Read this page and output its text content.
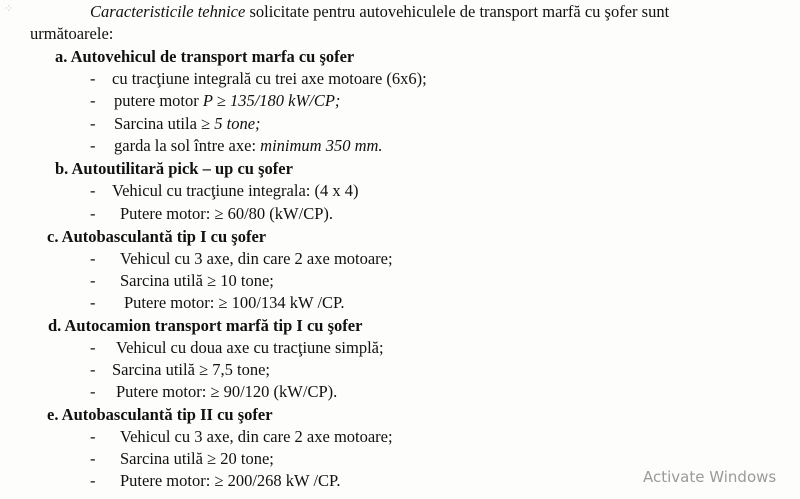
⁘	Caracteristicile tehnice solicitate pentru autovehiculele de transport marfă cu şofer sunt
următoarele:
a. Autovehicul de transport marfa cu şofer
- cu tracţiune integrală cu trei axe motoare (6x6);
- putere motor P ≥ 135/180 kW/CP;
- Sarcina utila ≥ 5 tone;
- garda la sol între axe: minimum 350 mm.
b. Autoutilitară pick – up cu şofer
- Vehicul cu tracţiune integrala: (4 x 4)
- Putere motor: ≥ 60/80 (kW/CP).
c. Autobasculantă tip I cu şofer
- Vehicul cu 3 axe, din care 2 axe motoare;
- Sarcina utilă ≥ 10 tone;
- Putere motor: ≥ 100/134 kW /CP.
d. Autocamion transport marfă tip I cu şofer
- Vehicul cu doua axe cu tracţiune simplă;
- Sarcina utilă ≥ 7,5 tone;
- Putere motor: ≥ 90/120 (kW/CP).
e. Autobasculantă tip II cu şofer
- Vehicul cu 3 axe, din care 2 axe motoare;
- Sarcina utilă ≥ 20 tone;
- Putere motor: ≥ 200/268 kW /CP.	Activate Windows
